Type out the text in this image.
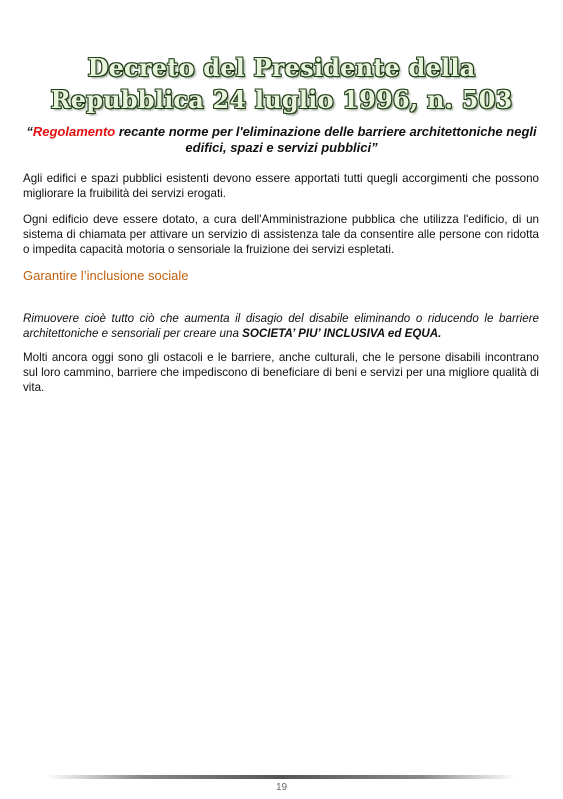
Decreto del Presidente della Repubblica 24 luglio 1996, n. 503

“Regolamento recante norme per l'eliminazione delle barriere architettoniche negli edifici, spazi e servizi pubblici”

Agli edifici e spazi pubblici esistenti devono essere apportati tutti quegli accorgimenti che possono migliorare la fruibilità dei servizi erogati.

Ogni edificio deve essere dotato, a cura dell'Amministrazione pubblica che utilizza l'edificio, di un sistema di chiamata per attivare un servizio di assistenza tale da consentire alle persone con ridotta o impedita capacità motoria o sensoriale la fruizione dei servizi espletati.

Garantire l’inclusione sociale

Rimuovere cioè tutto ciò che aumenta il disagio del disabile eliminando o riducendo le barriere architettoniche e sensoriali per creare una SOCIETA’ PIU’ INCLUSIVA ed EQUA.

Molti ancora oggi sono gli ostacoli e le barriere, anche culturali, che le persone disabili incontrano sul loro cammino, barriere che impediscono di beneficiare di beni e servizi per una migliore qualità di vita.

19
